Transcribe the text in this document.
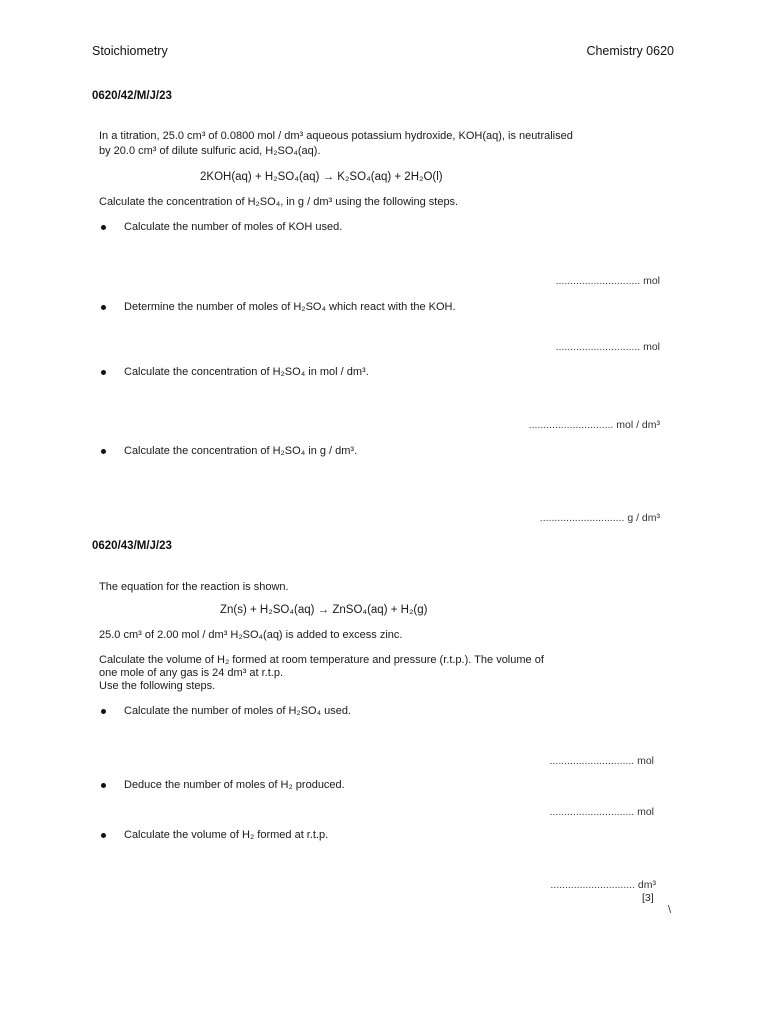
Stoichiometry	Chemistry 0620
0620/42/M/J/23
In a titration, 25.0 cm³ of 0.0800 mol / dm³ aqueous potassium hydroxide, KOH(aq), is neutralised
by 20.0 cm³ of dilute sulfuric acid, H₂SO₄(aq).
2KOH(aq) + H₂SO₄(aq) → K₂SO₄(aq) + 2H₂O(l)
Calculate the concentration of H₂SO₄, in g / dm³ using the following steps.
Calculate the number of moles of KOH used.
............................. mol
Determine the number of moles of H₂SO₄ which react with the KOH.
............................. mol
Calculate the concentration of H₂SO₄ in mol / dm³.
............................. mol / dm³
Calculate the concentration of H₂SO₄ in g / dm³.
............................. g / dm³
0620/43/M/J/23
The equation for the reaction is shown.
Zn(s) + H₂SO₄(aq) → ZnSO₄(aq) + H₂(g)
25.0 cm³ of 2.00 mol / dm³ H₂SO₄(aq) is added to excess zinc.
Calculate the volume of H₂ formed at room temperature and pressure (r.t.p.). The volume of
one mole of any gas is 24 dm³ at r.t.p.
Use the following steps.
Calculate the number of moles of H₂SO₄ used.
............................. mol
Deduce the number of moles of H₂ produced.
............................. mol
Calculate the volume of H₂ formed at r.t.p.
............................. dm³
[3]
\
